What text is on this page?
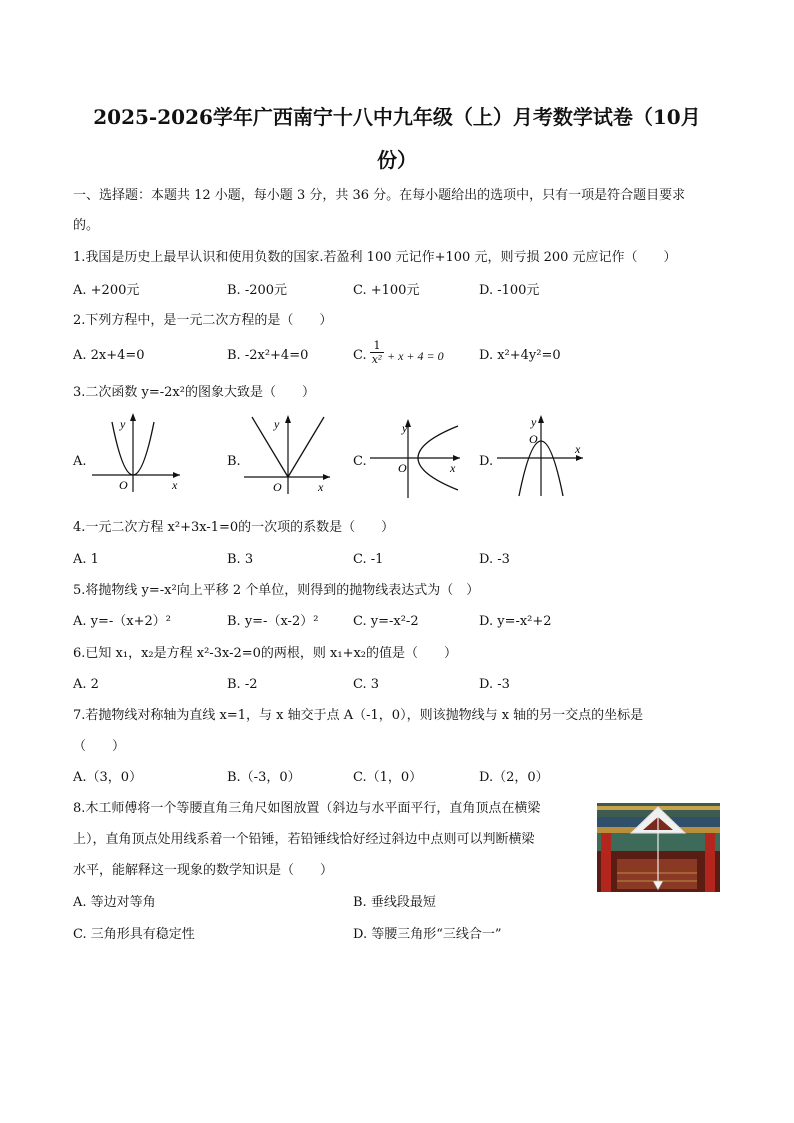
2025-2026学年广西南宁十八中九年级（上）月考数学试卷（10月
份）
一、选择题：本题共 12 小题，每小题 3 分，共 36 分。在每小题给出的选项中，只有一项是符合题目要求
的。
1.我国是历史上最早认识和使用负数的国家.若盈利 100 元记作+100 元，则亏损 200 元应记作（　　）
A. +200元	B. -200元	C. +100元	D. -100元
2.下列方程中，是一元二次方程的是（　　）
A. 2x+4=0	B. -2x²+4=0	C. $\frac{1}{\text{x²}} + x + 4 = 0$	D. x²+4y²=0
3.二次函数 y=-2x²的图象大致是（　　）
A.
y
x
O
B.
y
x
O
C.
y
x
O	D.
y
x
O
4.一元二次方程 x²+3x-1=0的一次项的系数是（　　）
A. 1	B. 3	C. -1	D. -3
5.将抛物线 y=-x²向上平移 2 个单位，则得到的抛物线表达式为（　）
A. y=-（x+2）²	B. y=-（x-2）²	C. y=-x²-2	D. y=-x²+2
6.已知 x₁，x₂是方程 x²-3x-2=0的两根，则 x₁+x₂的值是（　　）
A. 2	B. -2	C. 3	D. -3
7.若抛物线对称轴为直线 x=1，与 x 轴交于点 A（-1，0），则该抛物线与 x 轴的另一交点的坐标是
（　　）
A.（3，0）	B.（-3，0）	C.（1，0）	D.（2，0）
8.木工师傅将一个等腰直角三角尺如图放置（斜边与水平面平行，直角顶点在横梁
上），直角顶点处用线系着一个铅锤，若铅锤线恰好经过斜边中点则可以判断横梁
水平，能解释这一现象的数学知识是（　　）
A. 等边对等角	B. 垂线段最短
C. 三角形具有稳定性	D. 等腰三角形“三线合一”
